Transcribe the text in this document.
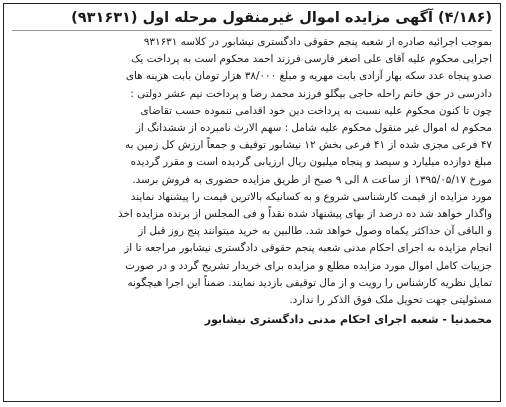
(۴/۱۸۶) آگهی مزایده اموال غیرمنقول مرحله اول (۹۳۱۶۳۱)
بموجب اجرائیه صادره از شعبه پنجم حقوقی دادگستری نیشابور در کلاسه ۹۳۱۶۳۱
اجرایی محکوم علیه آقای علی اصغر فارسی فرزند احمد محکوم است به پرداخت یک
صدو پنجاه عدد سکه بهار آزادی بابت مهریه و مبلغ ۳۸/۰۰۰ هزار تومان بابت هزینه های
دادرسی در حق خانم راحله حاجی بیگلو فرزند محمد رضا و پرداخت نیم عشر دولتی :
چون تا کنون محکوم علیه نسبت به پرداخت دین خود اقدامی ننموده حسب تقاضای
محکوم له اموال غیر منقول محکوم علیه شامل : سهم الارث نامبرده از ششدانگ از
۴۷ فرعی مجزی شده از ۴۱ فرعی بخش ۱۲ نیشابور توقیف و جمعاً ارزش کل زمین به
مبلغ دوازده میلیارد و سیصد و پنجاه میلیون ریال ارزیابی گردیده است و مقرر گردیده
مورخ ۱۳۹۵/۰۵/۱۷ از ساعت ۸ الی ۹ صبح از طریق مزایده حضوری به فروش برسد.
مورد مزایده از قیمت کارشناسی شروع و به کسانیکه بالاترین قیمت را پیشنهاد نمایند
واگذار خواهد شد ده درصد از بهای پیشنهاد شده نقداً و فی المجلس از برنده مزایده اخذ
و الباقی آن حداکثر یکماه وصول خواهد شد. طالبین به خرید میتوانند پنج روز قبل از
انجام مزایده به اجرای احکام مدنی شعبه پنجم حقوقی دادگستری نیشابور مراجعه تا از
جزییات کامل اموال مورد مزایده مطلع و مزایده برای خریدار تشریح گردد و در صورت
تمایل نظریه کارشناس را رویت و از مال توقیفی بازدید نمایند. ضمناً این اجرا هیچگونه
مسئولیتی جهت تحویل ملک فوق الذکر را ندارد.
محمدنیا - شعبه اجرای احکام مدنی دادگستری نیشابور
